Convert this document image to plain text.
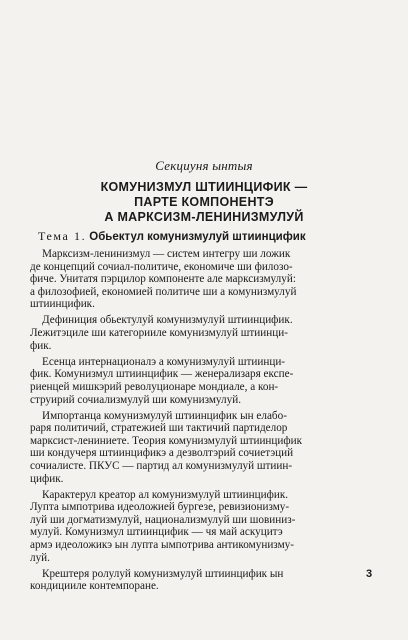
Секциуня ынтыя
КОМУНИЗМУЛ ШТИИНЦИФИК —
ПАРТЕ КОМПОНЕНТЭ
А МАРКСИЗМ-ЛЕНИНИЗМУЛУЙ
Тема 1. Обьектул комунизмулуй штиинцифик

Марксизм-ленинизмул — систем интегру ши ложик
де концепций сочиал-политиче, економиче ши филозо-
фиче. Унитатя пэрцилор компоненте але марксизмулуй:
а филозофией, економией политиче ши а комунизмулуй
штиинцифик.

Дефиниция обьектулуй комунизмулуй штиинцифик.
Лежитэциле ши категорииле комунизмулуй штиинци-
фик.

Есенца интернационалэ а комунизмулуй штиинци-
фик. Комунизмул штиинцифик — женерализаря експе-
риенцей мишкэрий револуционаре мондиале, а кон-
струирий сочиализмулуй ши комунизмулуй.

Импортанца комунизмулуй штиинцифик ын елабо-
раря политичий, стратежией ши тактичий партиделор
марксист-лениниете. Теория комунизмулуй штиинцифик
ши кондучеря штиинцификэ а дезволтэрий сочиетэций
сочиалисте. ПКУС — партид ал комунизмулуй штиин-
цифик.

Карактерул креатор ал комунизмулуй штиинцифик.
Лупта ымпотрива идеоложией бургезе, ревизионизму-
луй ши догматизмулуй, национализмулуй ши шовиниз-
мулуй. Комунизмул штиинцифик — чя май аскуцитэ
армэ идеоложикэ ын лупта ымпотрива антикомунизму-
луй.

Крештеря ролулуй комунизмулуй штиинцифик ын
кондицииле контемпоране.

3
